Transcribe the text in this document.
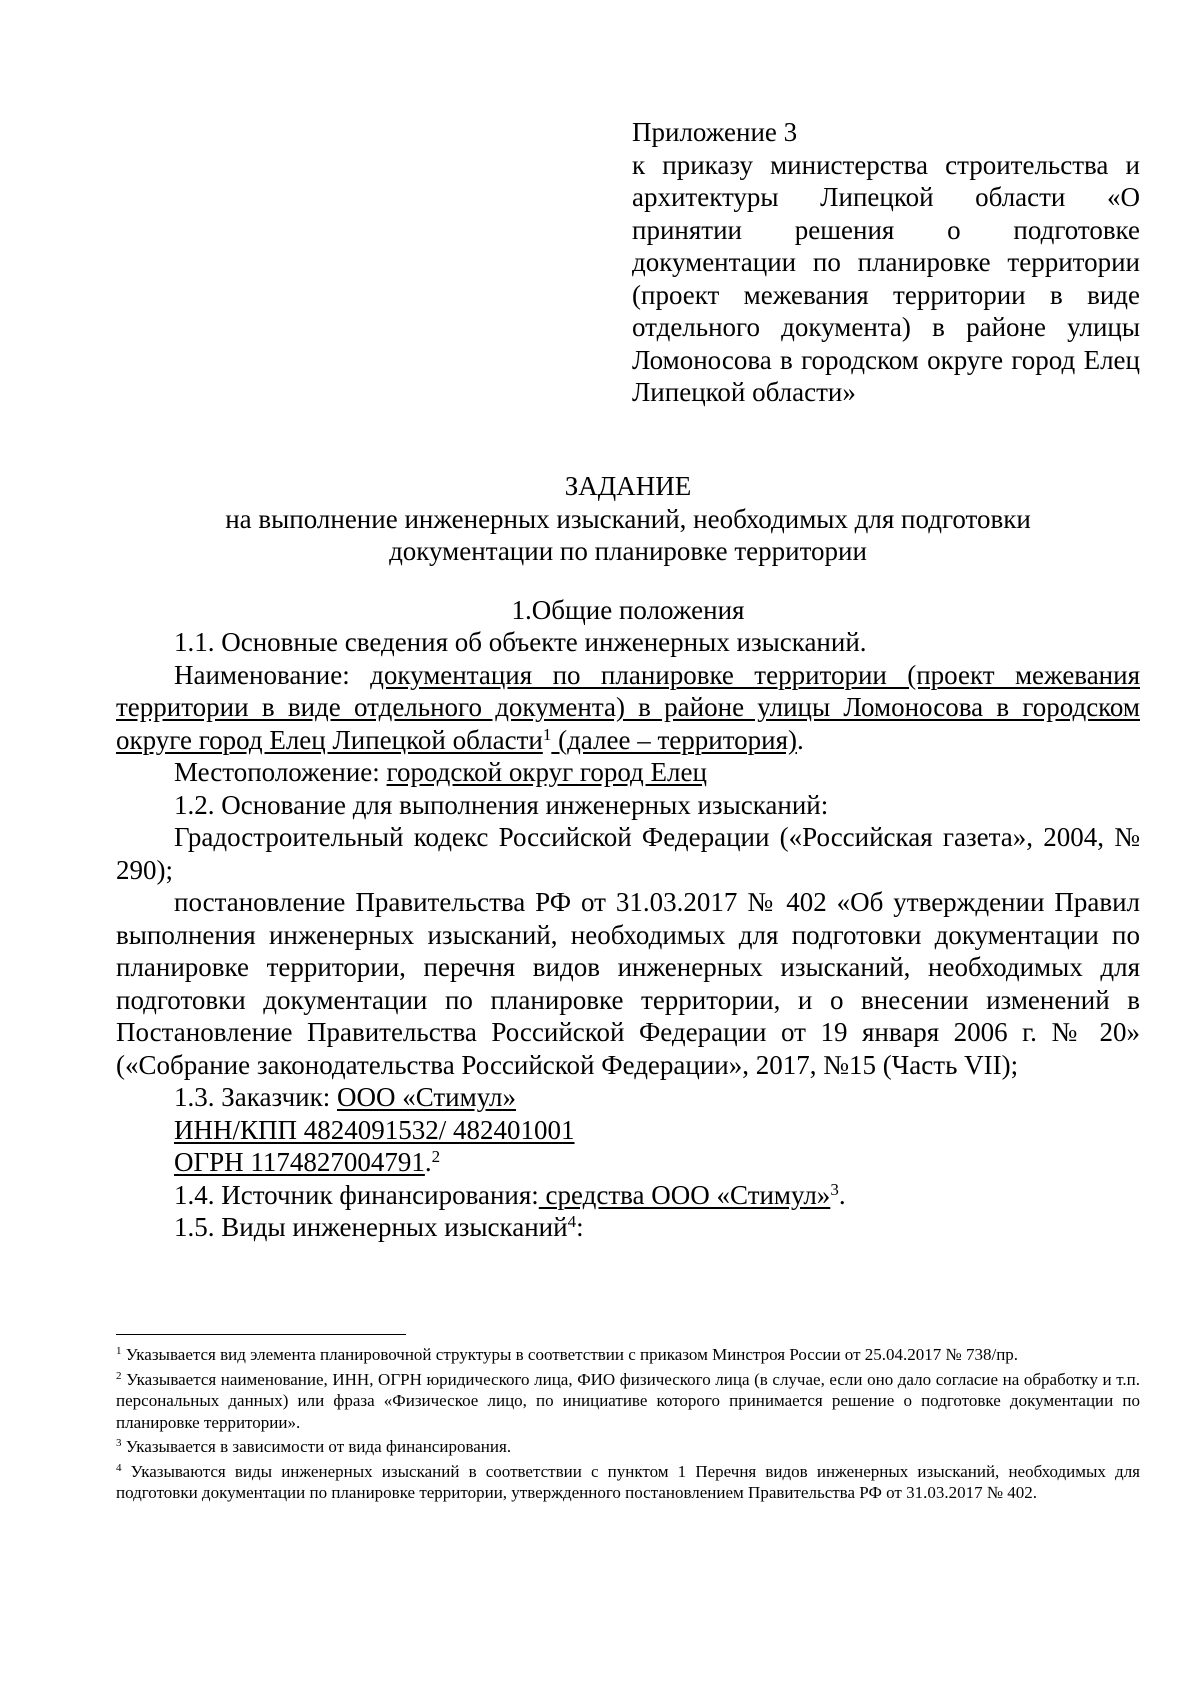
Приложение 3
к приказу министерства строительства и архитектуры Липецкой области «О принятии решения о подготовке документации по планировке территории (проект межевания территории в виде отдельного документа) в районе улицы Ломоносова в городском округе город Елец Липецкой области»
ЗАДАНИЕ
на выполнение инженерных изысканий, необходимых для подготовки
документации по планировке территории
1.Общие положения

1.1. Основные сведения об объекте инженерных изысканий.

Наименование: документация по планировке территории (проект межевания территории в виде отдельного документа) в районе улицы Ломоносова в городском округе город Елец Липецкой области$^1$ (далее – территория).

Местоположение: городской округ город Елец

1.2. Основание для выполнения инженерных изысканий:

Градостроительный кодекс Российской Федерации («Российская газета», 2004, № 290);

постановление Правительства РФ от 31.03.2017 № 402 «Об утверждении Правил выполнения инженерных изысканий, необходимых для подготовки документации по планировке территории, перечня видов инженерных изысканий, необходимых для подготовки документации по планировке территории, и о внесении изменений в Постановление Правительства Российской Федерации от 19 января 2006 г. № 20» («Собрание законодательства Российской Федерации», 2017, №15 (Часть VII);

1.3. Заказчик: ООО «Стимул»

ИНН/КПП 4824091532/ 482401001

ОГРН 1174827004791.$^2$

1.4. Источник финансирования: средства ООО «Стимул»$^3$.

1.5. Виды инженерных изысканий$^4$:

$^1$ Указывается вид элемента планировочной структуры в соответствии с приказом Минстроя России от 25.04.2017 № 738/пр.

$^2$ Указывается наименование, ИНН, ОГРН юридического лица, ФИО физического лица (в случае, если оно дало согласие на обработку и т.п. персональных данных) или фраза «Физическое лицо, по инициативе которого принимается решение о подготовке документации по планировке территории».

$^3$ Указывается в зависимости от вида финансирования.

$^4$ Указываются виды инженерных изысканий в соответствии с пунктом 1 Перечня видов инженерных изысканий, необходимых для подготовки документации по планировке территории, утвержденного постановлением Правительства РФ от 31.03.2017 № 402.
